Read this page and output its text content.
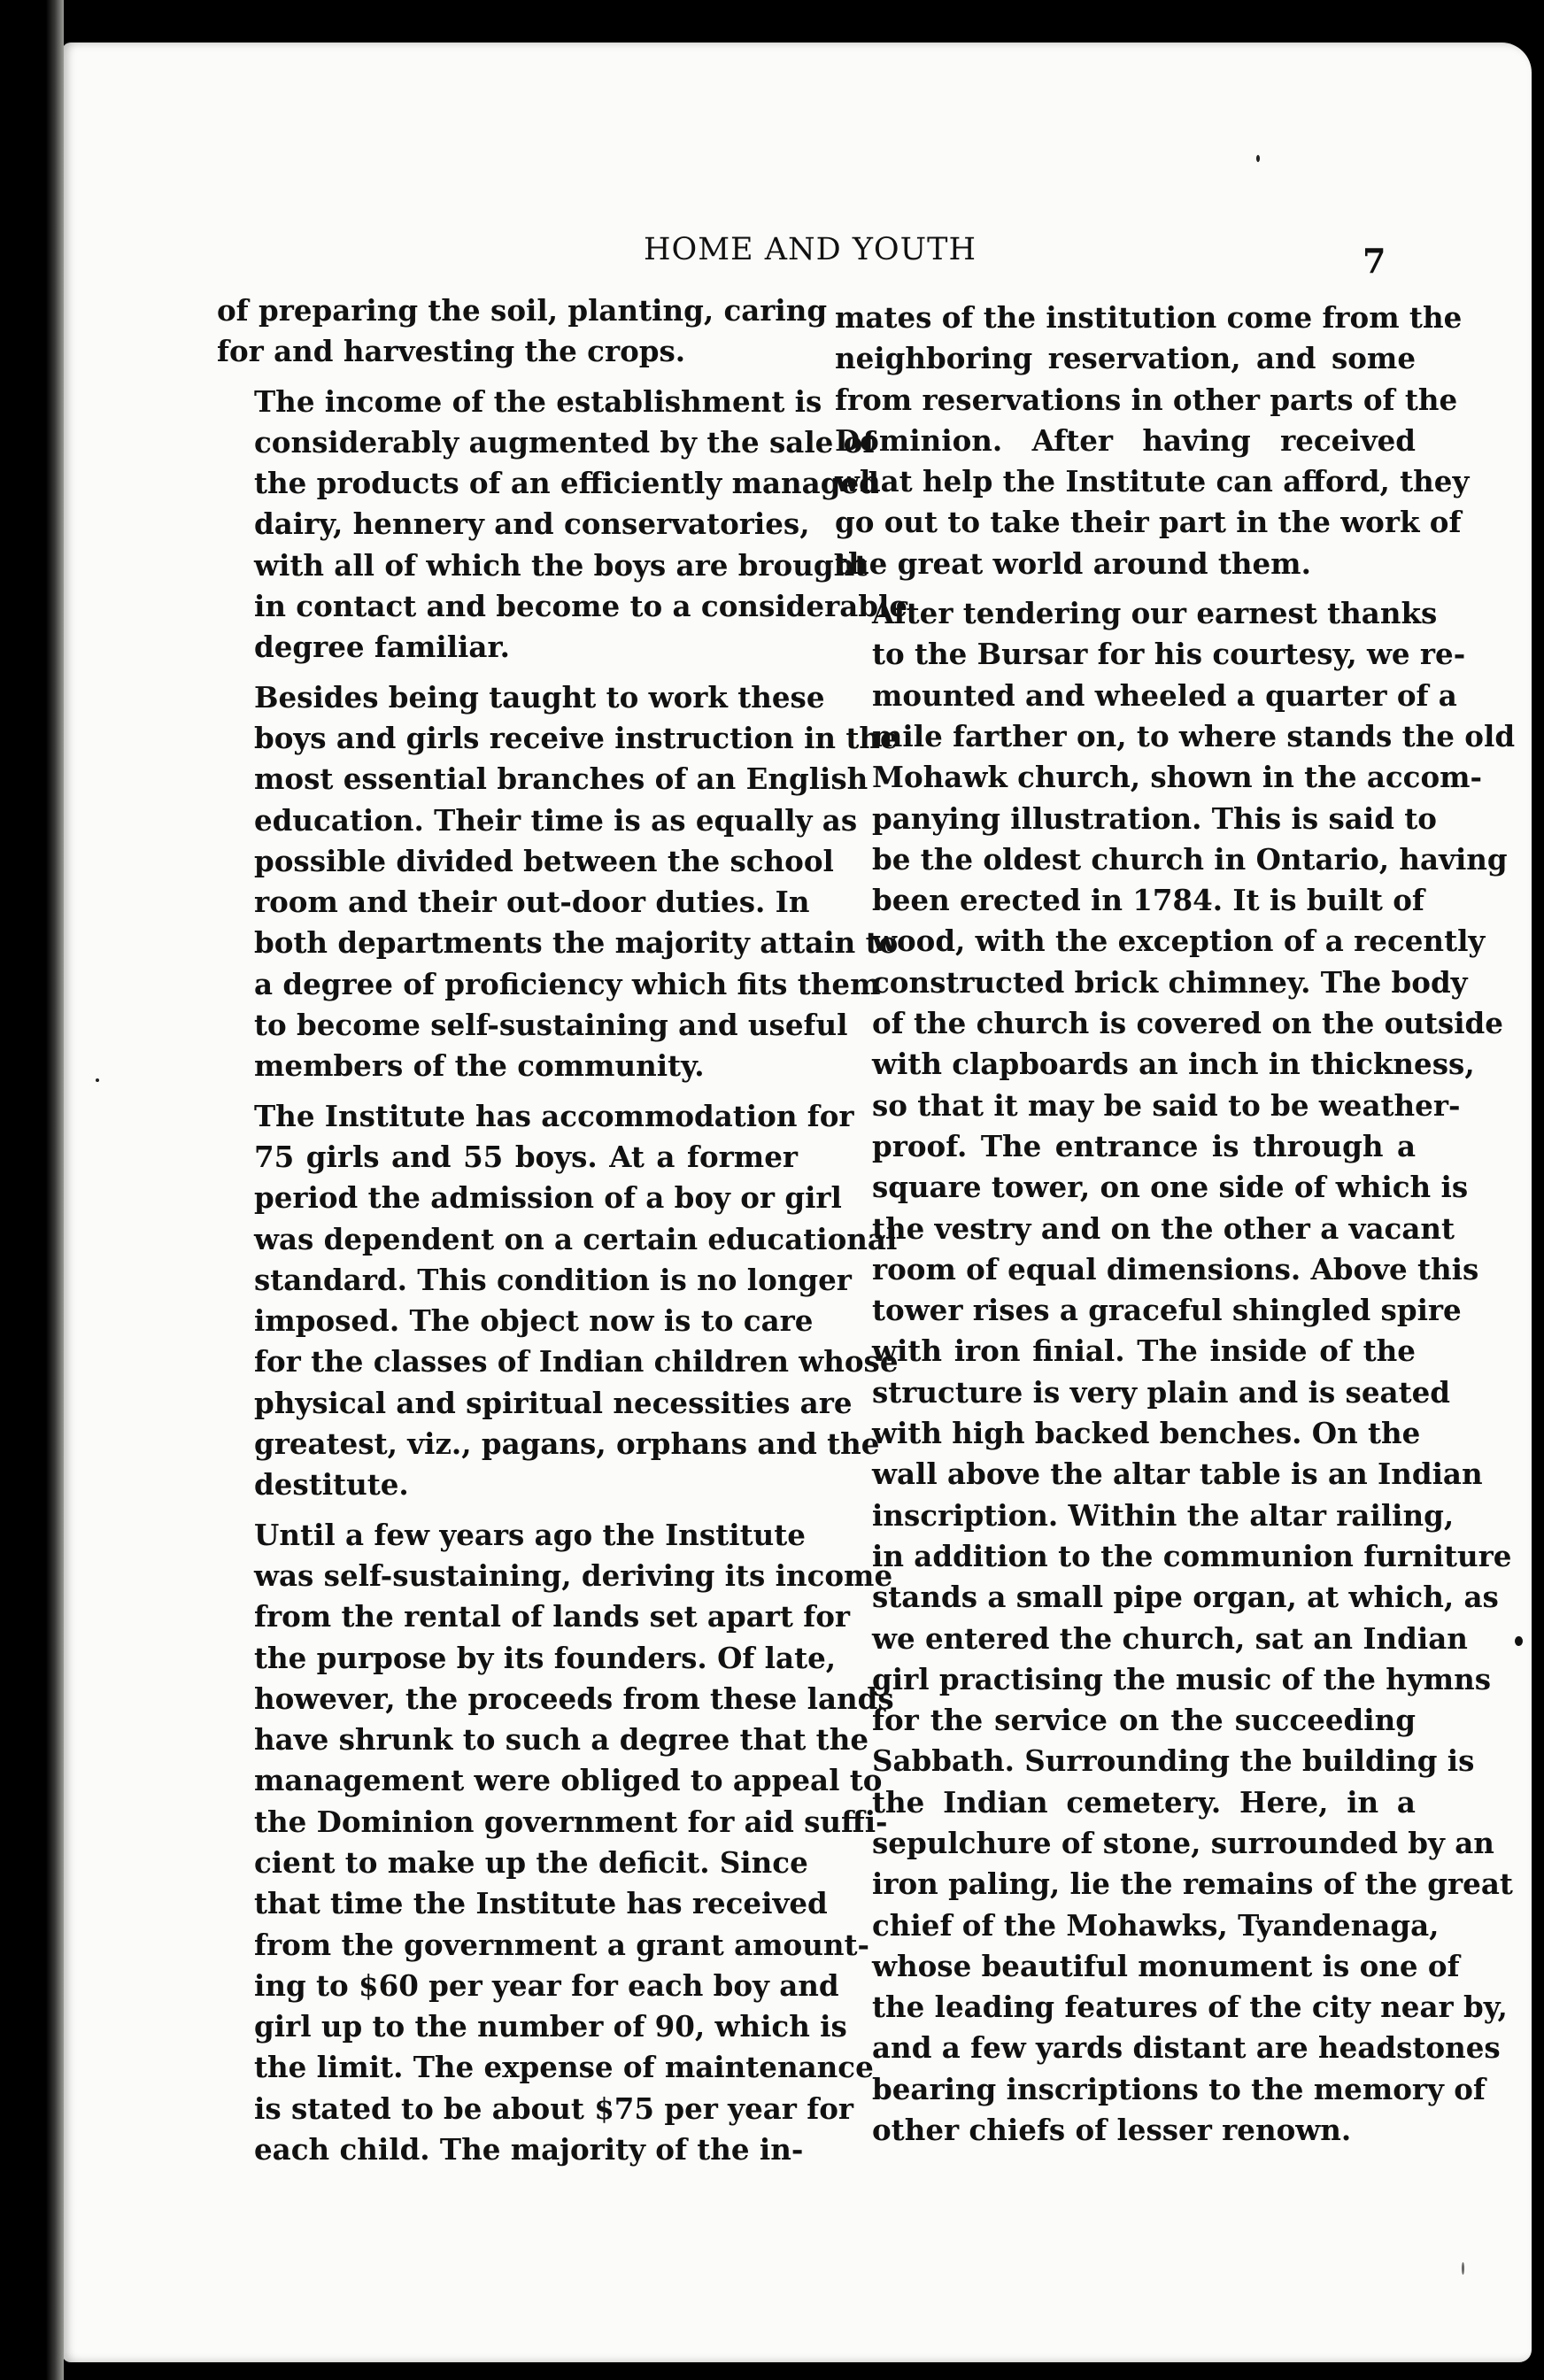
HOME AND YOUTH	7
of preparing the soil, planting, caring
for and harvesting the crops.
The income of the establishment is
considerably augmented by the sale of
the products of an efficiently managed
dairy, hennery and conservatories,
with all of which the boys are brought
in contact and become to a considerable
degree familiar.
Besides being taught to work these
boys and girls receive instruction in the
most essential branches of an English
education. Their time is as equally as
possible divided between the school
room and their out-door duties. In
both departments the majority attain to
a degree of proficiency which fits them
to become self-sustaining and useful
members of the community.
The Institute has accommodation for
75 girls and 55 boys. At a former
period the admission of a boy or girl
was dependent on a certain educational
standard. This condition is no longer
imposed. The object now is to care
for the classes of Indian children whose
physical and spiritual necessities are
greatest, viz., pagans, orphans and the
destitute.
Until a few years ago the Institute
was self-sustaining, deriving its income
from the rental of lands set apart for
the purpose by its founders. Of late,
however, the proceeds from these lands
have shrunk to such a degree that the
management were obliged to appeal to
the Dominion government for aid suffi-
cient to make up the deficit. Since
that time the Institute has received
from the government a grant amount-
ing to $60 per year for each boy and
girl up to the number of 90, which is
the limit. The expense of maintenance
is stated to be about $75 per year for
each child. The majority of the in-
mates of the institution come from the
neighboring reservation, and some
from reservations in other parts of the
Dominion. After having received
what help the Institute can afford, they
go out to take their part in the work of
the great world around them.
After tendering our earnest thanks
to the Bursar for his courtesy, we re-
mounted and wheeled a quarter of a
mile farther on, to where stands the old
Mohawk church, shown in the accom-
panying illustration. This is said to
be the oldest church in Ontario, having
been erected in 1784. It is built of
wood, with the exception of a recently
constructed brick chimney. The body
of the church is covered on the outside
with clapboards an inch in thickness,
so that it may be said to be weather-
proof. The entrance is through a
square tower, on one side of which is
the vestry and on the other a vacant
room of equal dimensions. Above this
tower rises a graceful shingled spire
with iron finial. The inside of the
structure is very plain and is seated
with high backed benches. On the
wall above the altar table is an Indian
inscription. Within the altar railing,
in addition to the communion furniture
stands a small pipe organ, at which, as
we entered the church, sat an Indian
girl practising the music of the hymns
for the service on the succeeding
Sabbath. Surrounding the building is
the Indian cemetery. Here, in a
sepulchure of stone, surrounded by an
iron paling, lie the remains of the great
chief of the Mohawks, Tyandenaga,
whose beautiful monument is one of
the leading features of the city near by,
and a few yards distant are headstones
bearing inscriptions to the memory of
other chiefs of lesser renown.
